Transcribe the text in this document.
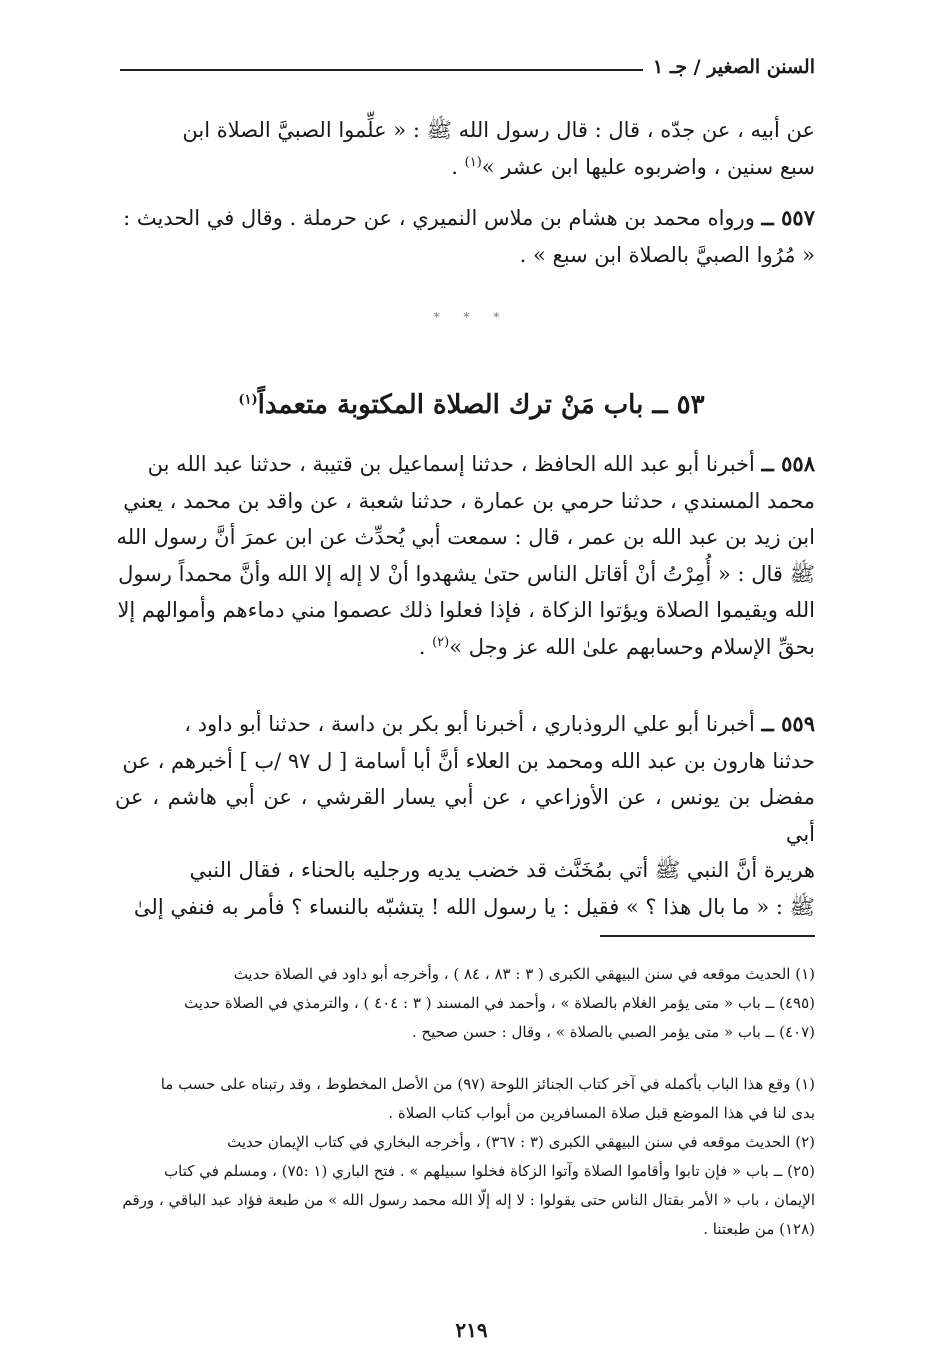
السنن الصغير / جـ ١

عن أبيه ، عن جدّه ، قال : قال رسول الله ﷺ : « علِّموا الصبيَّ الصلاة ابن

سبع سنين ، واضربوه عليها ابن عشر »$^{(١)}$ .

٥٥٧ ــ ورواه محمد بن هشام بن ملاس النميري ، عن حرملة . وقال في الحديث :

« مُرُوا الصبيَّ بالصلاة ابن سبع » .

* * *
٥٣ ــ باب مَنْ ترك الصلاة المكتوبة متعمداً$^{(١)}$

٥٥٨ ــ أخبرنا أبو عبد الله الحافظ ، حدثنا إسماعيل بن قتيبة ، حدثنا عبد الله بن

محمد المسندي ، حدثنا حرمي بن عمارة ، حدثنا شعبة ، عن واقد بن محمد ، يعني

ابن زيد بن عبد الله بن عمر ، قال : سمعت أبي يُحدِّث عن ابن عمرَ أنَّ رسول الله

ﷺ قال : « أُمِرْتُ أنْ أقاتل الناس حتىٰ يشهدوا أنْ لا إله إلا الله وأنَّ محمداً رسول

الله ويقيموا الصلاة ويؤتوا الزكاة ، فإذا فعلوا ذلك عصموا مني دماءهم وأموالهم إلا

بحقِّ الإسلام وحسابهم علىٰ الله عز وجل »$^{(٢)}$ .

٥٥٩ ــ أخبرنا أبو علي الروذباري ، أخبرنا أبو بكر بن داسة ، حدثنا أبو داود ،

حدثنا هارون بن عبد الله ومحمد بن العلاء أنَّ أبا أسامة [ ل ٩٧ /ب ] أخبرهم ، عن

مفضل بن يونس ، عن الأوزاعي ، عن أبي يسار القرشي ، عن أبي هاشم ، عن أبي

هريرة أنَّ النبي ﷺ أتي بمُخَنَّث قد خضب يديه ورجليه بالحناء ، فقال النبي

ﷺ : « ما بال هذا ؟ » فقيل : يا رسول الله ! يتشبّه بالنساء ؟ فأمر به فنفي إلىٰ

(١) الحديث موقعه في سنن البيهقي الكبرى ( ٣ : ٨٣ ، ٨٤ ) ، وأخرجه أبو داود في الصلاة حديث

(٤٩٥) ــ باب « متى يؤمر الغلام بالصلاة » ، وأحمد في المسند ( ٣ : ٤٠٤ ) ، والترمذي في الصلاة حديث

(٤٠٧) ــ باب « متى يؤمر الصبي بالصلاة » ، وقال : حسن صحيح .

(١) وقع هذا الباب بأكمله في آخر كتاب الجنائز اللوحة (٩٧) من الأصل المخطوط ، وقد رتبناه على حسب ما

بدى لنا في هذا الموضع قبل صلاة المسافرين من أبواب كتاب الصلاة .

(٢) الحديث موقعه في سنن البيهقي الكبرى (٣ : ٣٦٧) ، وأخرجه البخاري في كتاب الإيمان حديث

(٢٥) ــ باب « فإن تابوا وأقاموا الصلاة وآتوا الزكاة فخلوا سبيلهم » . فتح الباري (١ :٧٥) ، ومسلم في كتاب

الإيمان ، باب « الأمر بقتال الناس حتى يقولوا : لا إله إلّا الله محمد رسول الله » من طبعة فؤاد عبد الباقي ، ورقم

(١٢٨) من طبعتنا .

٢١٩
